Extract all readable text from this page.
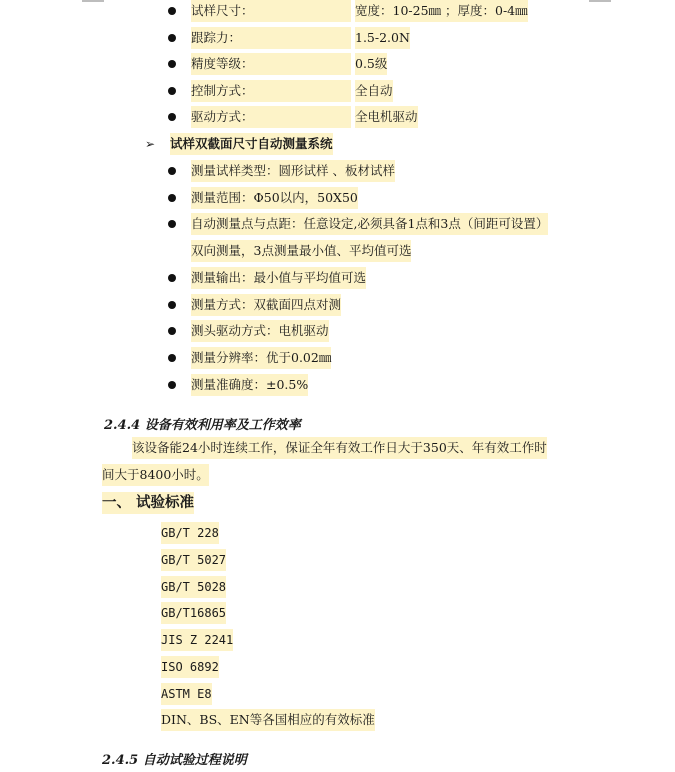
试样尺寸：	宽度：10-25㎜ ；厚度：0-4㎜
跟踪力：	1.5-2.0N
精度等级：	0.5级
控制方式：	全自动
驱动方式：	全电机驱动
➢ 试样双截面尺寸自动测量系统
测量试样类型：圆形试样 、板材试样
测量范围：Φ50以内，50X50
自动测量点与点距：任意设定,必须具备1点和3点（间距可设置）
双向测量，3点测量最小值、平均值可选
测量输出：最小值与平均值可选
测量方式：双截面四点对测
测头驱动方式：电机驱动
测量分辨率：优于0.02㎜
测量准确度：±0.5%
2.4.4 设备有效利用率及工作效率
该设备能24小时连续工作，保证全年有效工作日大于350天、年有效工作时
间大于8400小时。
一、 试验标准
GB/T 228
GB/T 5027
GB/T 5028
GB/T16865
JIS Z 2241
ISO 6892
ASTM E8
DIN、BS、EN等各国相应的有效标准
2.4.5 自动试验过程说明
